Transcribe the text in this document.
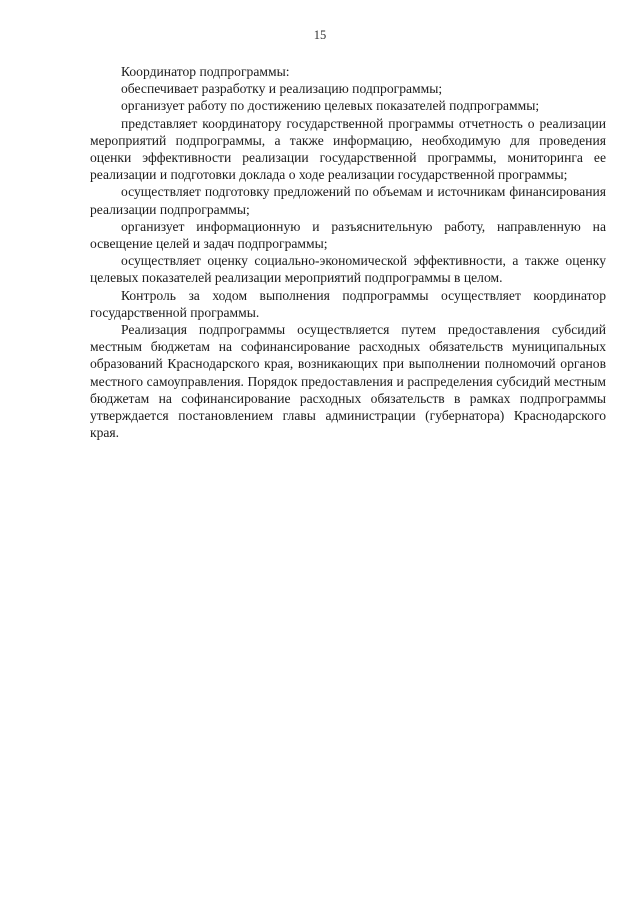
15

Координатор подпрограммы:

обеспечивает разработку и реализацию подпрограммы;

организует работу по достижению целевых показателей подпрограммы;

представляет координатору государственной программы отчетность о реализации мероприятий подпрограммы, а также информацию, необходимую для проведения оценки эффективности реализации государственной программы, мониторинга ее реализации и подготовки доклада о ходе реализации государственной программы;

осуществляет подготовку предложений по объемам и источникам финансирования реализации подпрограммы;

организует информационную и разъяснительную работу, направленную на освещение целей и задач подпрограммы;

осуществляет оценку социально-экономической эффективности, а также оценку целевых показателей реализации мероприятий подпрограммы в целом.

Контроль за ходом выполнения подпрограммы осуществляет координатор государственной программы.

Реализация подпрограммы осуществляется путем предоставления субсидий местным бюджетам на софинансирование расходных обязательств муниципальных образований Краснодарского края, возникающих при выполнении полномочий органов местного самоуправления. Порядок предоставления и распределения субсидий местным бюджетам на софинансирование расходных обязательств в рамках подпрограммы утверждается постановлением главы администрации (губернатора) Краснодарского края.
